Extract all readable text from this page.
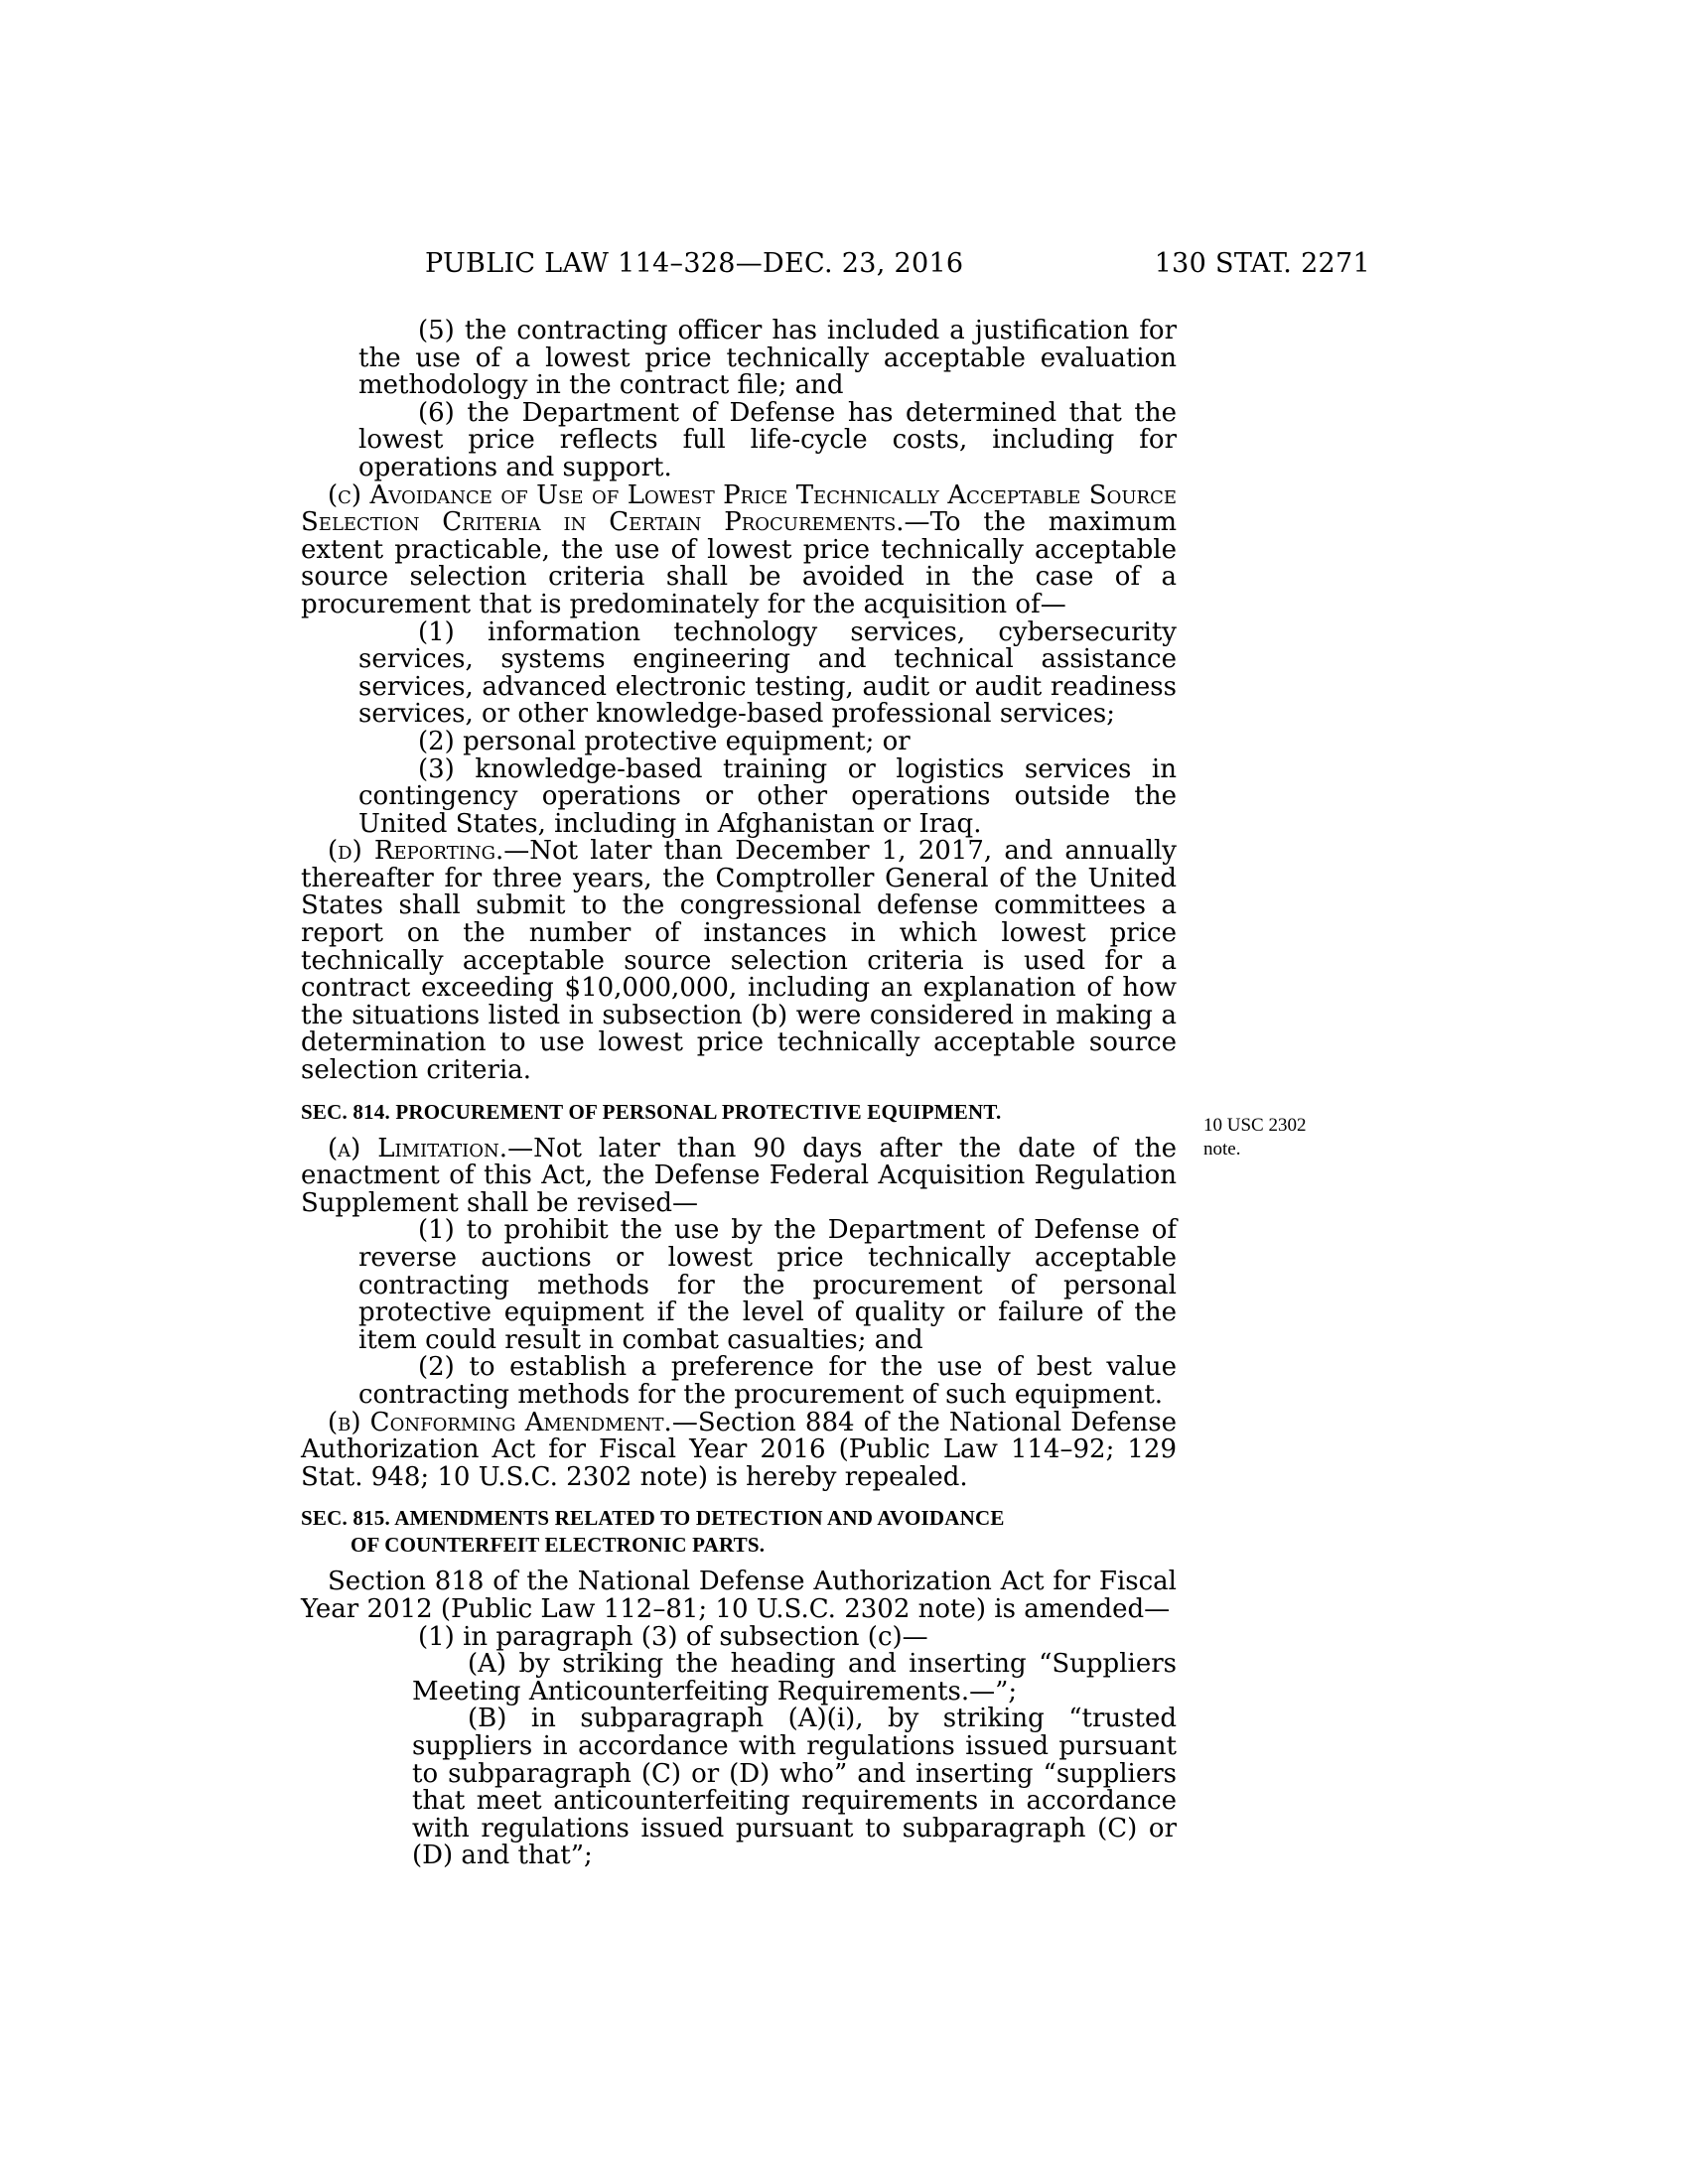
PUBLIC LAW 114–328—DEC. 23, 2016	130 STAT. 2271
10 USC 2302
note.

(5) the contracting officer has included a justification for the use of a lowest price technically acceptable evaluation methodology in the contract file; and

(6) the Department of Defense has determined that the lowest price reflects full life-cycle costs, including for operations and support.

(c) Avoidance of Use of Lowest Price Technically Acceptable Source Selection Criteria in Certain Procurements.—To the maximum extent practicable, the use of lowest price technically acceptable source selection criteria shall be avoided in the case of a procurement that is predominately for the acquisition of—

(1) information technology services, cybersecurity services, systems engineering and technical assistance services, advanced electronic testing, audit or audit readiness services, or other knowledge-based professional services;

(2) personal protective equipment; or

(3) knowledge-based training or logistics services in contingency operations or other operations outside the United States, including in Afghanistan or Iraq.

(d) Reporting.—Not later than December 1, 2017, and annually thereafter for three years, the Comptroller General of the United States shall submit to the congressional defense committees a report on the number of instances in which lowest price technically acceptable source selection criteria is used for a contract exceeding $10,000,000, including an explanation of how the situations listed in subsection (b) were considered in making a determination to use lowest price technically acceptable source selection criteria.

SEC. 814. PROCUREMENT OF PERSONAL PROTECTIVE EQUIPMENT.

(a) Limitation.—Not later than 90 days after the date of the enactment of this Act, the Defense Federal Acquisition Regulation Supplement shall be revised—

(1) to prohibit the use by the Department of Defense of reverse auctions or lowest price technically acceptable contracting methods for the procurement of personal protective equipment if the level of quality or failure of the item could result in combat casualties; and

(2) to establish a preference for the use of best value contracting methods for the procurement of such equipment.

(b) Conforming Amendment.—Section 884 of the National Defense Authorization Act for Fiscal Year 2016 (Public Law 114–92; 129 Stat. 948; 10 U.S.C. 2302 note) is hereby repealed.

SEC. 815. AMENDMENTS RELATED TO DETECTION AND AVOIDANCE
OF COUNTERFEIT ELECTRONIC PARTS.

Section 818 of the National Defense Authorization Act for Fiscal Year 2012 (Public Law 112–81; 10 U.S.C. 2302 note) is amended—

(1) in paragraph (3) of subsection (c)—

(A) by striking the heading and inserting “Suppliers Meeting Anticounterfeiting Requirements.—”;

(B) in subparagraph (A)(i), by striking “trusted suppliers in accordance with regulations issued pursuant to subparagraph (C) or (D) who” and inserting “suppliers that meet anticounterfeiting requirements in accordance with regulations issued pursuant to subparagraph (C) or (D) and that”;
